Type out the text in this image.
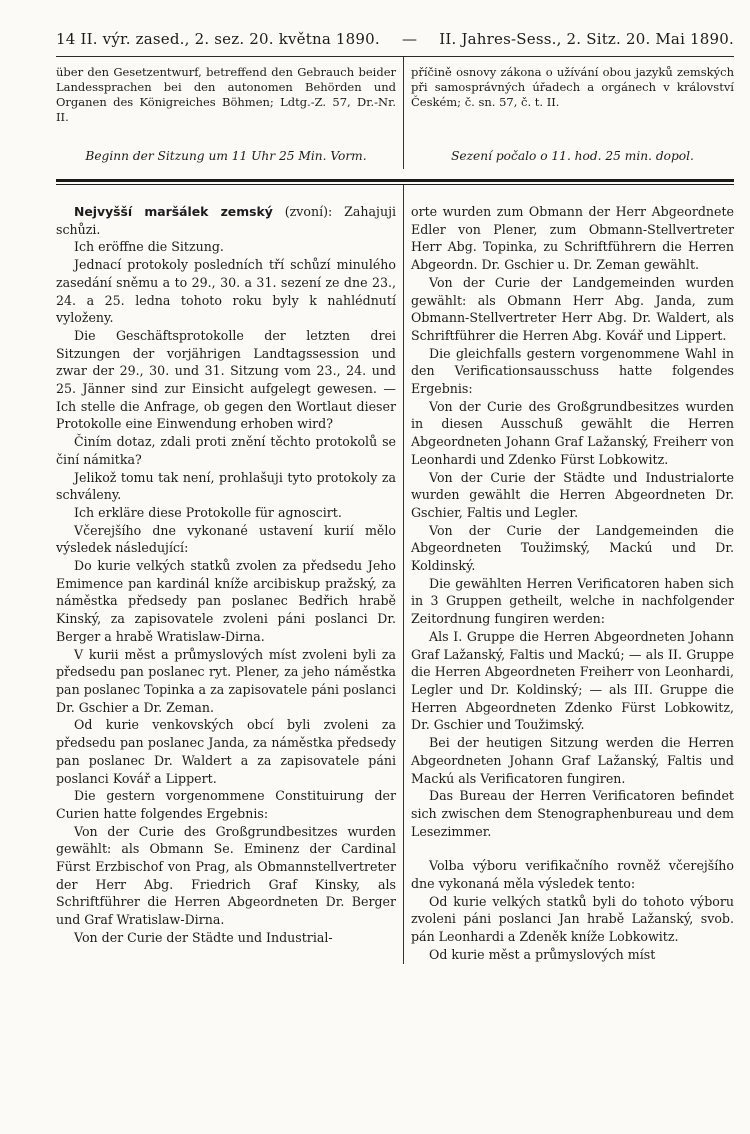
14 II. výr. zased., 2. sez. 20. května 1890. — II. Jahres-Sess., 2. Sitz. 20. Mai 1890.

über den Gesetzentwurf, betreffend den Gebrauch beider Landessprachen bei den autonomen Behörden und Organen des Königreiches Böhmen; Ldtg.-Z. 57, Dr.-Nr. II.

Beginn der Sitzung um 11 Uhr 25 Min. Vorm.

příčině osnovy zákona o užívání obou jazyků zemských při samosprávných úřadech a orgánech v království Českém; č. sn. 57, č. t. II.

Sezení počalo o 11. hod. 25 min. dopol.

Nejvyšší maršálek zemský (zvoní): Zahajuji schůzi.

Ich eröffne die Sitzung.

Jednací protokoly posledních tří schůzí minulého zasedání sněmu a to 29., 30. a 31. sezení ze dne 23., 24. a 25. ledna tohoto roku byly k nahlédnutí vyloženy.

Die Geschäftsprotokolle der letzten drei Sitzungen der vorjährigen Landtagssession und zwar der 29., 30. und 31. Sitzung vom 23., 24. und 25. Jänner sind zur Einsicht aufgelegt gewesen. — Ich stelle die Anfrage, ob gegen den Wortlaut dieser Protokolle eine Einwendung erhoben wird?

Činím dotaz, zdali proti znění těchto protokolů se činí námitka?

Jelikož tomu tak není, prohlašuji tyto protokoly za schváleny.

Ich erkläre diese Protokolle für agnoscirt.

Včerejšího dne vykonané ustavení kurií mělo výsledek následující:

Do kurie velkých statků zvolen za předsedu Jeho Emimence pan kardinál kníže arcibiskup pražský, za náměstka předsedy pan poslanec Bedřich hrabě Kinský, za zapisovatele zvoleni páni poslanci Dr. Berger a hrabě Wratislaw-Dirna.

V kurii měst a průmyslových míst zvoleni byli za předsedu pan poslanec ryt. Plener, za jeho náměstka pan poslanec Topinka a za zapisovatele páni poslanci Dr. Gschier a Dr. Zeman.

Od kurie venkovských obcí byli zvoleni za předsedu pan poslanec Janda, za náměstka předsedy pan poslanec Dr. Waldert a za zapisovatele páni poslanci Kovář a Lippert.

Die gestern vorgenommene Constituirung der Curien hatte folgendes Ergebnis:

Von der Curie des Großgrundbesitzes wurden gewählt: als Obmann Se. Eminenz der Cardinal Fürst Erzbischof von Prag, als Obmannstellvertreter der Herr Abg. Friedrich Graf Kinsky, als Schriftführer die Herren Abgeordneten Dr. Berger und Graf Wratislaw-Dirna.

Von der Curie der Städte und Industrial-

orte wurden zum Obmann der Herr Abgeordnete Edler von Plener, zum Obmann-Stellvertreter Herr Abg. Topinka, zu Schriftführern die Herren Abgeordn. Dr. Gschier u. Dr. Zeman gewählt.

Von der Curie der Landgemeinden wurden gewählt: als Obmann Herr Abg. Janda, zum Obmann-Stellvertreter Herr Abg. Dr. Waldert, als Schriftführer die Herren Abg. Kovář und Lippert.

Die gleichfalls gestern vorgenommene Wahl in den Verificationsausschuss hatte folgendes Ergebnis:

Von der Curie des Großgrundbesitzes wurden in diesen Ausschuß gewählt die Herren Abgeordneten Johann Graf Lažanský, Freiherr von Leonhardi und Zdenko Fürst Lobkowitz.

Von der Curie der Städte und Industrialorte wurden gewählt die Herren Abgeordneten Dr. Gschier, Faltis und Legler.

Von der Curie der Landgemeinden die Abgeordneten Toužimský, Mackú und Dr. Koldinský.

Die gewählten Herren Verificatoren haben sich in 3 Gruppen getheilt, welche in nachfolgender Zeitordnung fungiren werden:

Als I. Gruppe die Herren Abgeordneten Johann Graf Lažanský, Faltis und Mackú; — als II. Gruppe die Herren Abgeordneten Freiherr von Leonhardi, Legler und Dr. Koldinský; — als III. Gruppe die Herren Abgeordneten Zdenko Fürst Lobkowitz, Dr. Gschier und Toužimský.

Bei der heutigen Sitzung werden die Herren Abgeordneten Johann Graf Lažanský, Faltis und Mackú als Verificatoren fungiren.

Das Bureau der Herren Verificatoren befindet sich zwischen dem Stenographenbureau und dem Lesezimmer.

Volba výboru verifikačního rovněž včerejšího dne vykonaná měla výsledek tento:

Od kurie velkých statků byli do tohoto výboru zvoleni páni poslanci Jan hrabě Lažanský, svob. pán Leonhardi a Zdeněk kníže Lobkowitz.

Od kurie měst a průmyslových míst
